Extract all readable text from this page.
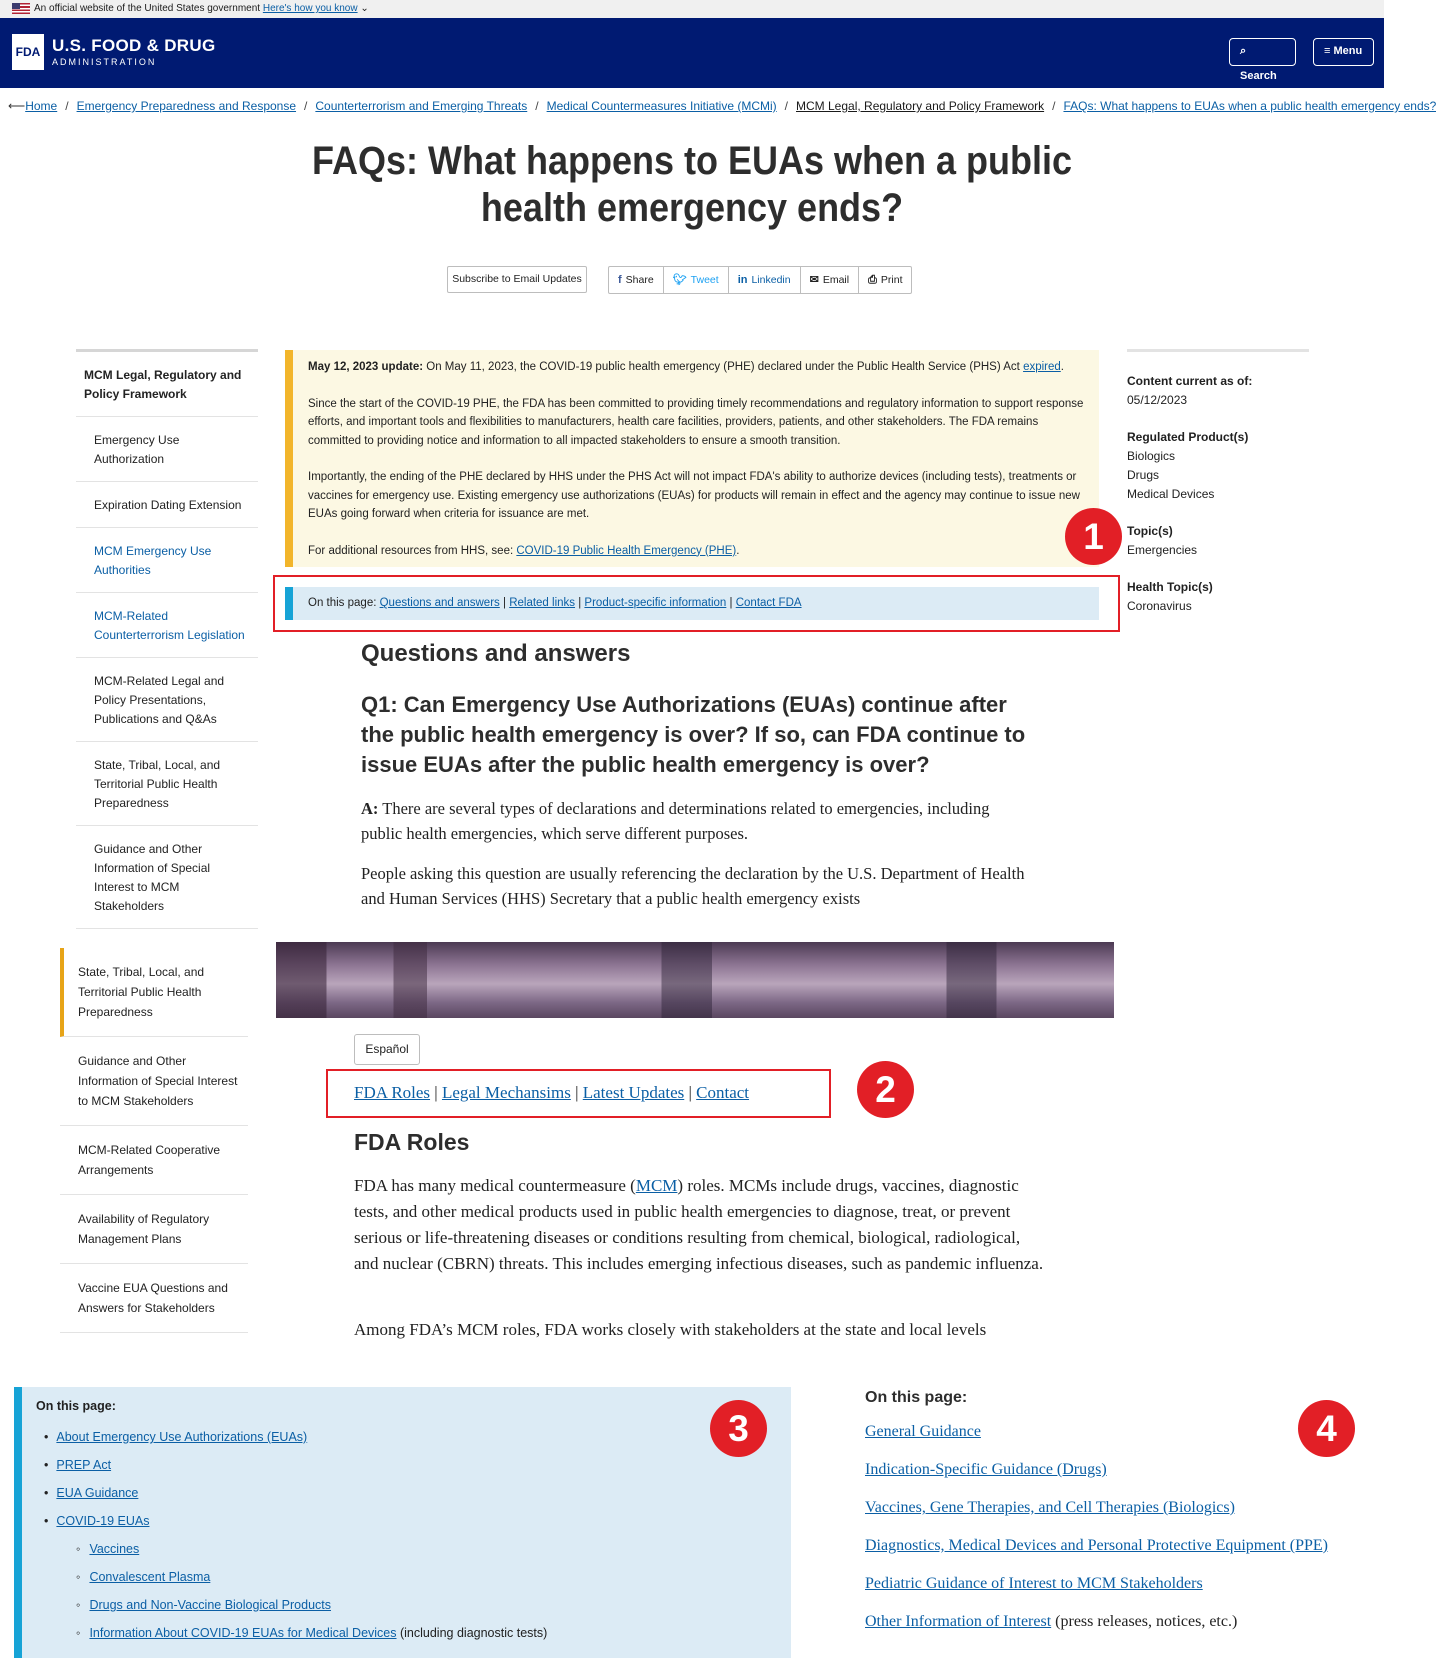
An official website of the United States government Here's how you know ⌄
FDA U.S. FOOD & DRUG
ADMINISTRATION
⌕ Search
≡ Menu
⟵Home / Emergency Preparedness and Response / Counterterrorism and Emerging Threats / Medical Countermeasures Initiative (MCMi) / MCM Legal, Regulatory and Policy Framework / FAQs: What happens to EUAs when a public health emergency ends?
FAQs: What happens to EUAs when a public
health emergency ends?
Subscribe to Email Updates	f Share 🐦︎ Tweet in Linkedin ✉ Email ⎙ Print
MCM Legal, Regulatory and Policy Framework
Emergency Use Authorization
Expiration Dating Extension
MCM Emergency Use Authorities
MCM-Related Counterterrorism Legislation
MCM-Related Legal and Policy Presentations, Publications and Q&As
State, Tribal, Local, and Territorial Public Health Preparedness
Guidance and Other Information of Special Interest to MCM Stakeholders

May 12, 2023 update: On May 11, 2023, the COVID-19 public health emergency (PHE) declared under the Public Health Service (PHS) Act expired.

Since the start of the COVID-19 PHE, the FDA has been committed to providing timely recommendations and regulatory information to support response efforts, and important tools and flexibilities to manufacturers, health care facilities, providers, patients, and other stakeholders. The FDA remains committed to providing notice and information to all impacted stakeholders to ensure a smooth transition.

Importantly, the ending of the PHE declared by HHS under the PHS Act will not impact FDA's ability to authorize devices (including tests), treatments or vaccines for emergency use. Existing emergency use authorizations (EUAs) for products will remain in effect and the agency may continue to issue new EUAs going forward when criteria for issuance are met.

For additional resources from HHS, see: COVID-19 Public Health Emergency (PHE).

On this page: Questions and answers | Related links | Product-specific information | Contact FDA
1
Content current as of:
05/12/2023
Regulated Product(s)
Biologics
Drugs
Medical Devices
Topic(s)
Emergencies
Health Topic(s)
Coronavirus
Questions and answers
Q1: Can Emergency Use Authorizations (EUAs) continue after the public health emergency is over? If so, can FDA continue to issue EUAs after the public health emergency is over?
A: There are several types of declarations and determinations related to emergencies, including public health emergencies, which serve different purposes.
People asking this question are usually referencing the declaration by the U.S. Department of Health and Human Services (HHS) Secretary that a public health emergency exists
State, Tribal, Local, and Territorial Public Health Preparedness
Guidance and Other Information of Special Interest to MCM Stakeholders
MCM-Related Cooperative Arrangements
Availability of Regulatory Management Plans
Vaccine EUA Questions and Answers for Stakeholders
Español
FDA Roles | Legal Mechansims | Latest Updates | Contact	2
FDA Roles
FDA has many medical countermeasure (MCM) roles. MCMs include drugs, vaccines, diagnostic tests, and other medical products used in public health emergencies to diagnose, treat, or prevent serious or life-threatening diseases or conditions resulting from chemical, biological, radiological, and nuclear (CBRN) threats. This includes emerging infectious diseases, such as pandemic influenza.
Among FDA’s MCM roles, FDA works closely with stakeholders at the state and local levels
On this page:
• About Emergency Use Authorizations (EUAs)
• PREP Act
• EUA Guidance
• COVID-19 EUAs
◦ Vaccines
◦ Convalescent Plasma
◦ Drugs and Non-Vaccine Biological Products
◦ Information About COVID-19 EUAs for Medical Devices (including diagnostic tests)
3
On this page:
General Guidance
Indication-Specific Guidance (Drugs)
Vaccines, Gene Therapies, and Cell Therapies (Biologics)
Diagnostics, Medical Devices and Personal Protective Equipment (PPE)
Pediatric Guidance of Interest to MCM Stakeholders
Other Information of Interest (press releases, notices, etc.)
4
